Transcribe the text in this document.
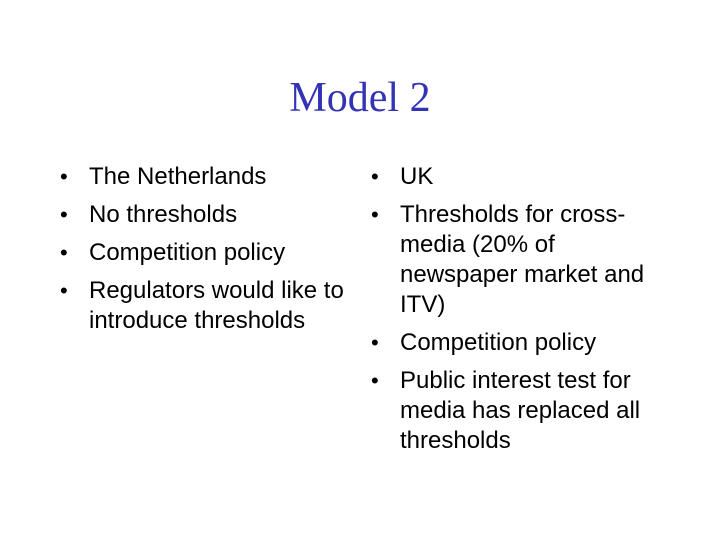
Model 2
• The Netherlands
• No thresholds
• Competition policy
• Regulators would like to introduce thresholds
• UK
• Thresholds for cross-media (20% of newspaper market and ITV)
• Competition policy
• Public interest test for media has replaced all thresholds
